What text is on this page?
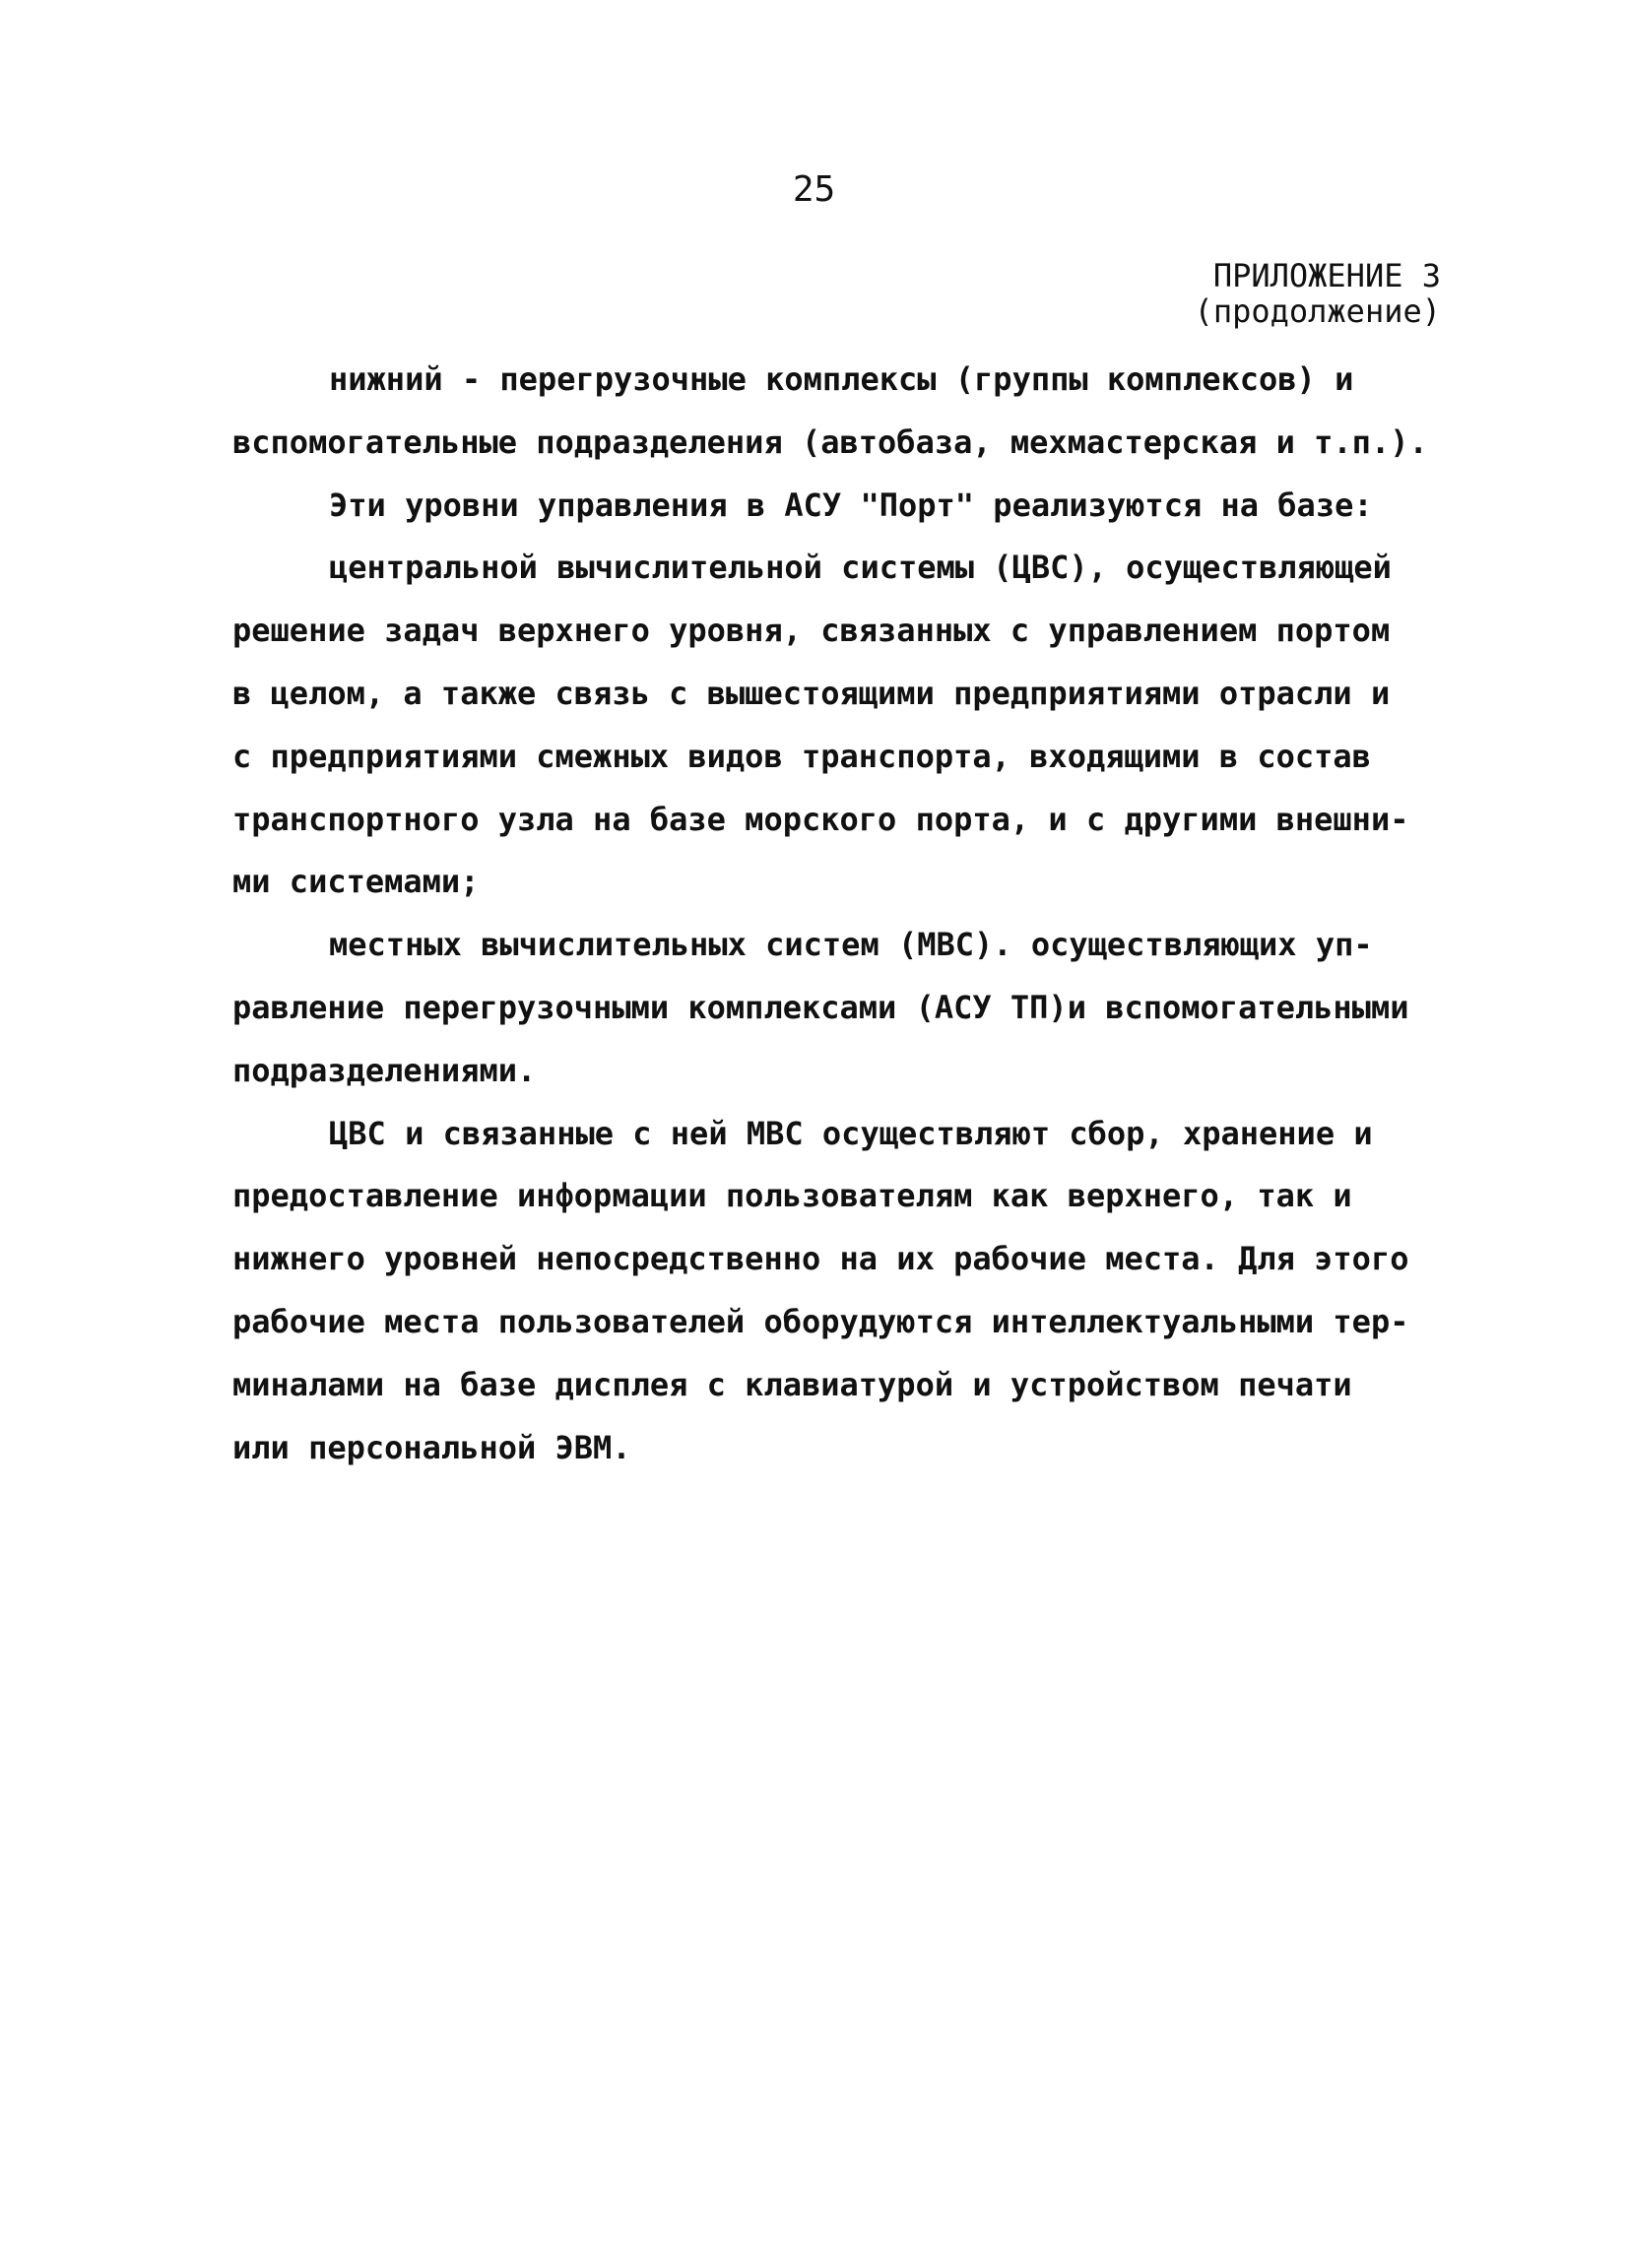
25
ПРИЛОЖЕНИЕ 3
(продолжение)
нижний - перегрузочные комплексы (группы комплексов) и
вспомогательные подразделения (автобаза, мехмастерская и т.п.).
Эти уровни управления в АСУ "Порт" реализуются на базе:
центральной вычислительной системы (ЦВС), осуществляющей
решение задач верхнего уровня, связанных с управлением портом
в целом, а также связь с вышестоящими предприятиями отрасли и
с предприятиями смежных видов транспорта, входящими в состав
транспортного узла на базе морского порта, и с другими внешни-
ми системами;
местных вычислительных систем (МВС). осуществляющих уп-
равление перегрузочными комплексами (АСУ ТП)и вспомогательными
подразделениями.
ЦВС и связанные с ней МВС осуществляют сбор, хранение и
предоставление информации пользователям как верхнего, так и
нижнего уровней непосредственно на их рабочие места. Для этого
рабочие места пользователей оборудуются интеллектуальными тер-
миналами на базе дисплея с клавиатурой и устройством печати
или персональной ЭВМ.
